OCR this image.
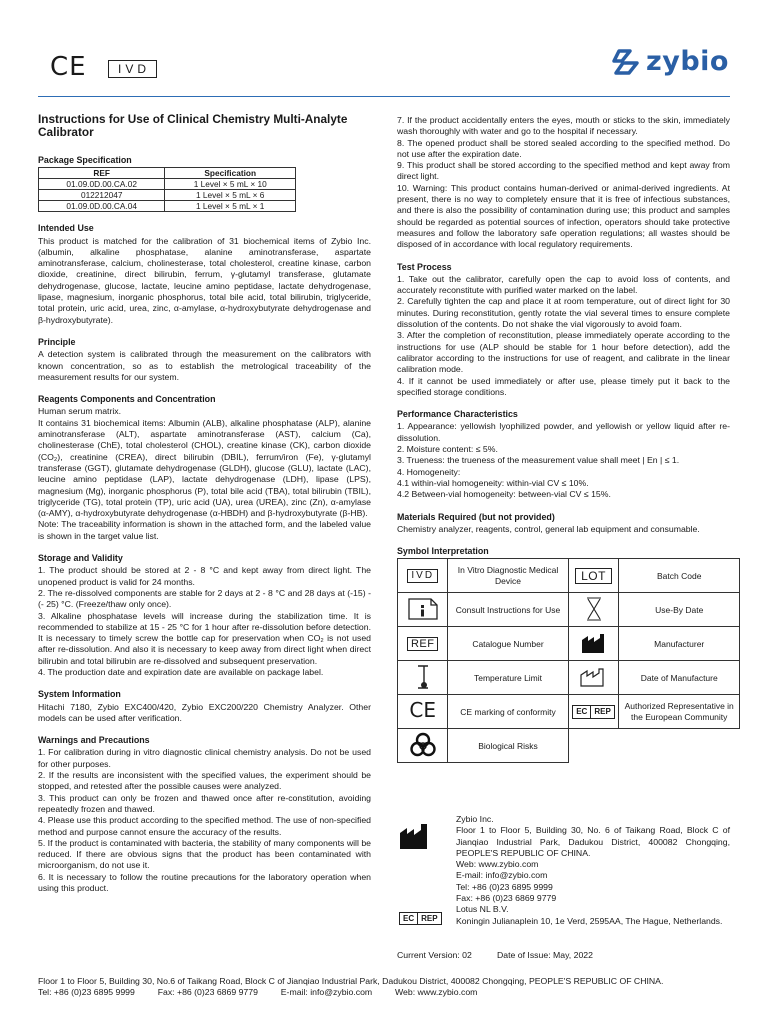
CE	IVD	zybio
Instructions for Use of Clinical Chemistry Multi-Analyte Calibrator
Package Specification
REF	Specification
01.09.0D.00.CA.02	1 Level × 5 mL × 10
012212047	1 Level × 5 mL × 6
01.09.0D.00.CA.04	1 Level × 5 mL × 1
Intended Use

This product is matched for the calibration of 31 biochemical items of Zybio Inc. (albumin, alkaline phosphatase, alanine aminotransferase, aspartate aminotransferase, calcium, cholinesterase, total cholesterol, creatine kinase, carbon dioxide, creatinine, direct bilirubin, ferrum, γ-glutamyl transferase, glutamate dehydrogenase, glucose, lactate, leucine amino peptidase, lactate dehydrogenase, lipase, magnesium, inorganic phosphorus, total bile acid, total bilirubin, triglyceride, total protein, uric acid, urea, zinc, α-amylase, α-hydroxybutyrate dehydrogenase and β-hydroxybutyrate).

Principle

A detection system is calibrated through the measurement on the calibrators with known concentration, so as to establish the metrological traceability of the measurement results for our system.

Reagents Components and Concentration

Human serum matrix.

It contains 31 biochemical items: Albumin (ALB), alkaline phosphatase (ALP), alanine aminotransferase (ALT), aspartate aminotransferase (AST), calcium (Ca), cholinesterase (ChE), total cholesterol (CHOL), creatine kinase (CK), carbon dioxide (CO₂), creatinine (CREA), direct bilirubin (DBIL), ferrum/iron (Fe), γ-glutamyl transferase (GGT), glutamate dehydrogenase (GLDH), glucose (GLU), lactate (LAC), leucine amino peptidase (LAP), lactate dehydrogenase (LDH), lipase (LPS), magnesium (Mg), inorganic phosphorus (P), total bile acid (TBA), total bilirubin (TBIL), triglyceride (TG), total protein (TP), uric acid (UA), urea (UREA), zinc (Zn), α-amylase (α-AMY), α-hydroxybutyrate dehydrogenase (α-HBDH) and β-hydroxybutyrate (β-HB).

Note: The traceability information is shown in the attached form, and the labeled value is shown in the target value list.

Storage and Validity

1. The product should be stored at 2 - 8 °C and kept away from direct light. The unopened product is valid for 24 months.

2. The re-dissolved components are stable for 2 days at 2 - 8 °C and 28 days at (-15) - (- 25) °C. (Freeze/thaw only once).

3. Alkaline phosphatase levels will increase during the stabilization time. It is recommended to stabilize at 15 - 25 °C for 1 hour after re-dissolution before detection. It is necessary to timely screw the bottle cap for preservation when CO₂ is not used after re-dissolution. And also it is necessary to keep away from direct light when direct bilirubin and total bilirubin are re-dissolved and subsequent preservation.

4. The production date and expiration date are available on package label.

System Information

Hitachi 7180, Zybio EXC400/420, Zybio EXC200/220 Chemistry Analyzer. Other models can be used after verification.

Warnings and Precautions

1. For calibration during in vitro diagnostic clinical chemistry analysis. Do not be used for other purposes.

2. If the results are inconsistent with the specified values, the experiment should be stopped, and retested after the possible causes were analyzed.

3. This product can only be frozen and thawed once after re-constitution, avoiding repeatedly frozen and thawed.

4. Please use this product according to the specified method. The use of non-specified method and purpose cannot ensure the accuracy of the results.

5. If the product is contaminated with bacteria, the stability of many components will be reduced. If there are obvious signs that the product has been contaminated with microorganism, do not use it.

6. It is necessary to follow the routine precautions for the laboratory operation when using this product.

7. If the product accidentally enters the eyes, mouth or sticks to the skin, immediately wash thoroughly with water and go to the hospital if necessary.

8. The opened product shall be stored sealed according to the specified method. Do not use after the expiration date.

9. This product shall be stored according to the specified method and kept away from direct light.

10. Warning: This product contains human-derived or animal-derived ingredients. At present, there is no way to completely ensure that it is free of infectious substances, and there is also the possibility of contamination during use; this product and samples should be regarded as potential sources of infection, operators should take protective measures and follow the laboratory safe operation regulations; all wastes should be disposed of in accordance with local regulatory requirements.

Test Process

1. Take out the calibrator, carefully open the cap to avoid loss of contents, and accurately reconstitute with purified water marked on the label.

2. Carefully tighten the cap and place it at room temperature, out of direct light for 30 minutes. During reconstitution, gently rotate the vial several times to ensure complete dissolution of the contents. Do not shake the vial vigorously to avoid foam.

3. After the completion of reconstitution, please immediately operate according to the instructions for use (ALP should be stable for 1 hour before detection), add the calibrator according to the instructions for use of reagent, and calibrate in the linear calibration mode.

4. If it cannot be used immediately or after use, please timely put it back to the specified storage conditions.

Performance Characteristics

1. Appearance: yellowish lyophilized powder, and yellowish or yellow liquid after re-dissolution.

2. Moisture content: ≤ 5%.

3. Trueness: the trueness of the measurement value shall meet | En | ≤ 1.

4. Homogeneity:

4.1 within-vial homogeneity: within-vial CV ≤ 10%.

4.2 Between-vial homogeneity: between-vial CV ≤ 15%.

Materials Required (but not provided)

Chemistry analyzer, reagents, control, general lab equipment and consumable.

Symbol Interpretation
IVD	In Vitro Diagnostic Medical Device	LOT	Batch Code
	Consult Instructions for Use		Use-By Date
REF	Catalogue Number		Manufacturer
	Temperature Limit		Date of Manufacture
CE	CE marking of conformity	EC REP	Authorized Representative in the European Community
	Biological Risks		

Zybio Inc.

Floor 1 to Floor 5, Building 30, No. 6 of Taikang Road, Block C of Jianqiao Industrial Park, Dadukou District, 400082 Chongqing, PEOPLE'S REPUBLIC OF CHINA.

Web: www.zybio.com

E-mail: info@zybio.com

Tel: +86 (0)23 6895 9999

Fax: +86 (0)23 6869 9779

Lotus NL B.V.

Koningin Julianaplein 10, 1e Verd, 2595AA, The Hague, Netherlands.

EC REP
Current Version: 02	Date of Issue: May, 2022
Floor 1 to Floor 5, Building 30, No.6 of Taikang Road, Block C of Jianqiao Industrial Park, Dadukou District, 400082 Chongqing, PEOPLE'S REPUBLIC OF CHINA.
Tel: +86 (0)23 6895 9999	Fax: +86 (0)23 6869 9779	E-mail: info@zybio.com	Web: www.zybio.com
